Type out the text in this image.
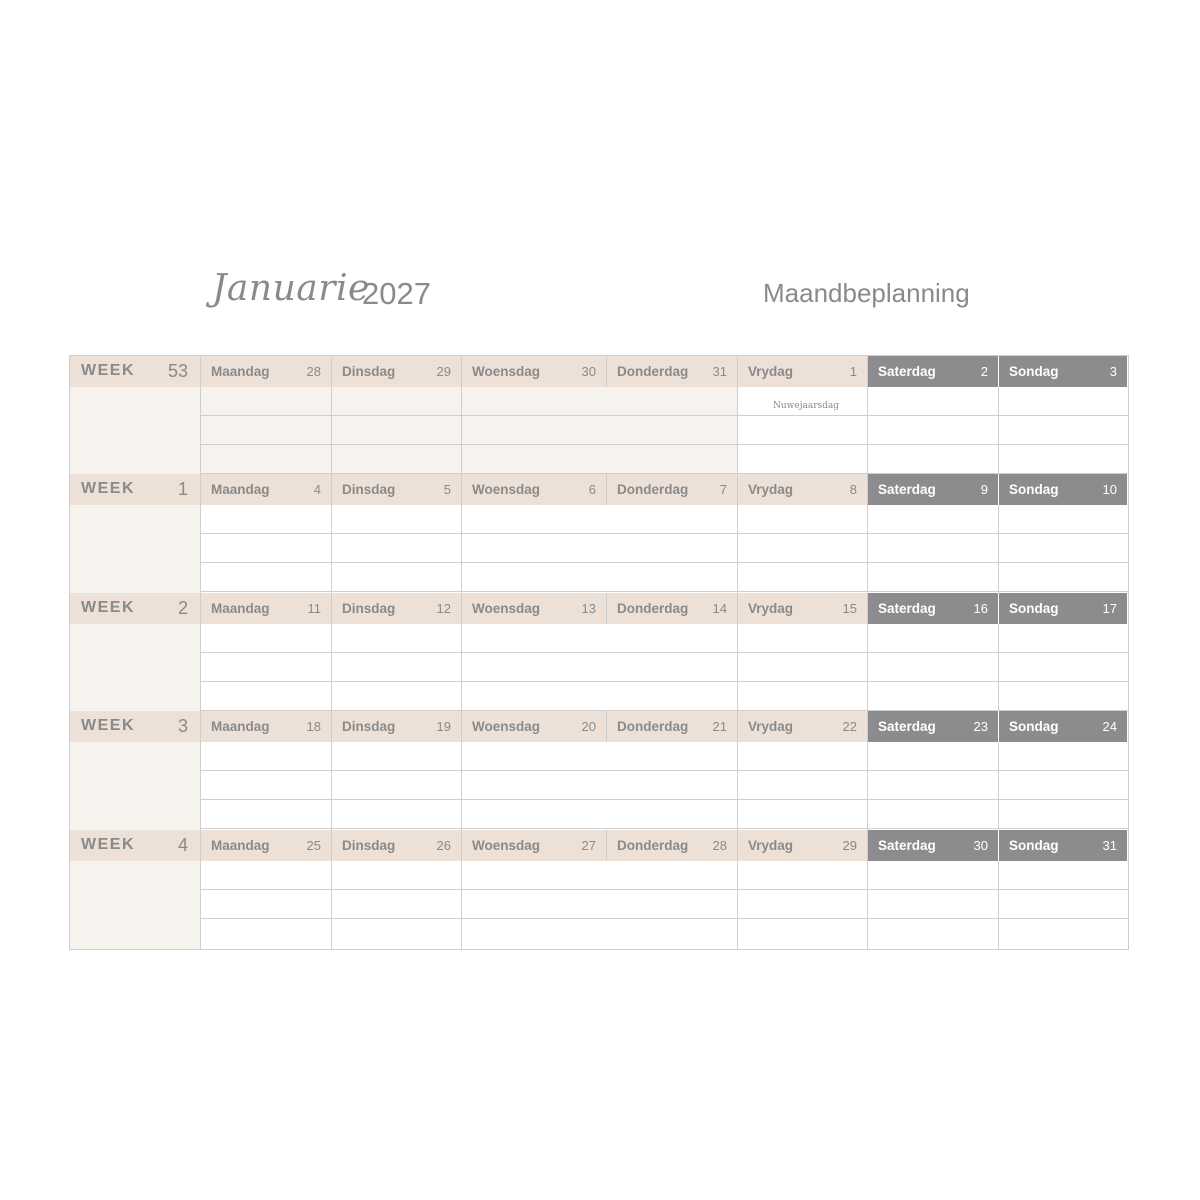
Januarie
2027	Maandbeplanning
WEEK 53 Maandag	28 Dinsdag	29 Woensdag	30 Donderdag 31 Vrydag	1 Saterdag	2 Sondag	3
Nuwejaarsdag
WEEK 1 Maandag	4 Dinsdag	5 Woensdag	6 Donderdag 7 Vrydag	8 Saterdag	9 Sondag	10
WEEK 2 Maandag	11 Dinsdag	12 Woensdag	13 Donderdag 14 Vrydag	15 Saterdag	16 Sondag	17
WEEK 3 Maandag	18 Dinsdag	19 Woensdag	20 Donderdag 21 Vrydag	22 Saterdag	23 Sondag	24
WEEK 4 Maandag	25 Dinsdag	26 Woensdag	27 Donderdag 28 Vrydag	29 Saterdag	30 Sondag	31
